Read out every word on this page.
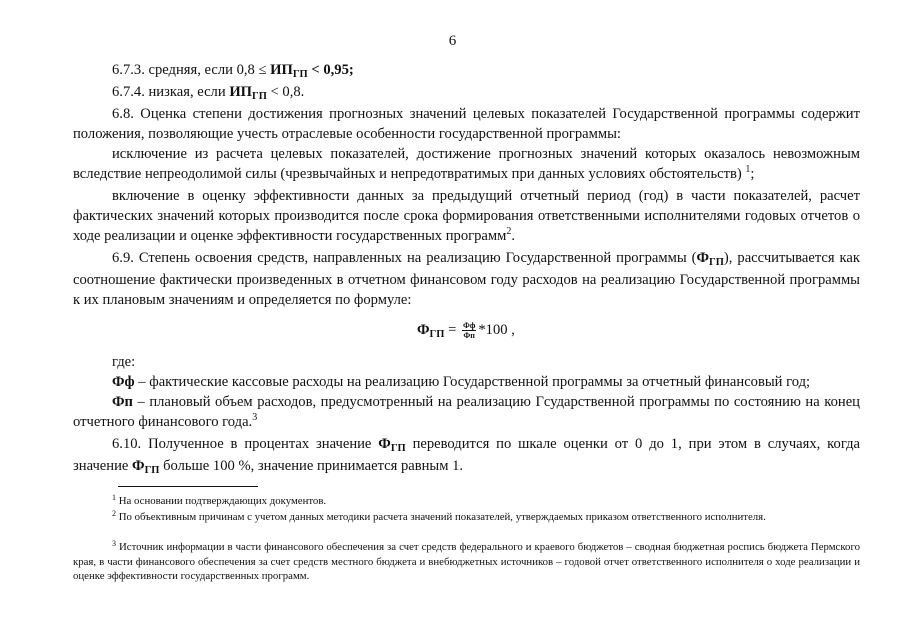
6

6.7.3. средняя, если $0,8 \le ИП_{ГП} < 0,95$;

6.7.4. низкая, если $ИП_{ГП} < 0,8$.

6.8. Оценка степени достижения прогнозных значений целевых показателей Государственной программы содержит положения, позволяющие учесть отраслевые особенности государственной программы:

исключение из расчета целевых показателей, достижение прогнозных значений которых оказалось невозможным вследствие непреодолимой силы (чрезвычайных и непредотвратимых при данных условиях обстоятельств) $^1$;

включение в оценку эффективности данных за предыдущий отчетный период (год) в части показателей, расчет фактических значений которых производится после срока формирования ответственными исполнителями годовых отчетов о ходе реализации и оценке эффективности государственных программ$^2$.

6.9. Степень освоения средств, направленных на реализацию Государственной программы $(Ф_{ГП})$, рассчитывается как соотношение фактически произведенных в отчетном финансовом году расходов на реализацию Государственной программы к их плановым значениям и определяется по формуле:

$Ф_{ГП} = \frac{Фф}{Фп} *100$ ,

где:

Фф – фактические кассовые расходы на реализацию Государственной программы за отчетный финансовый год;

Фп – плановый объем расходов, предусмотренный на реализацию Гсударственной программы по состоянию на конец отчетного финансового года.$^3$

6.10. Полученное в процентах значение $Ф_{ГП}$ переводится по шкале оценки от 0 до 1, при этом в случаях, когда значение $Ф_{ГП}$ больше 100 %, значение принимается равным 1.

$^1$ На основании подтверждающих документов.
$^2$ По объективным причинам с учетом данных методики расчета значений показателей, утверждаемых приказом ответственного исполнителя.
$^3$ Источник информации в части финансового обеспечения за счет средств федерального и краевого бюджетов – сводная бюджетная роспись бюджета Пермского края, в части финансового обеспечения за счет средств местного бюджета и внебюджетных источников – годовой отчет ответственного исполнителя о ходе реализации и оценке эффективности государственных программ.
